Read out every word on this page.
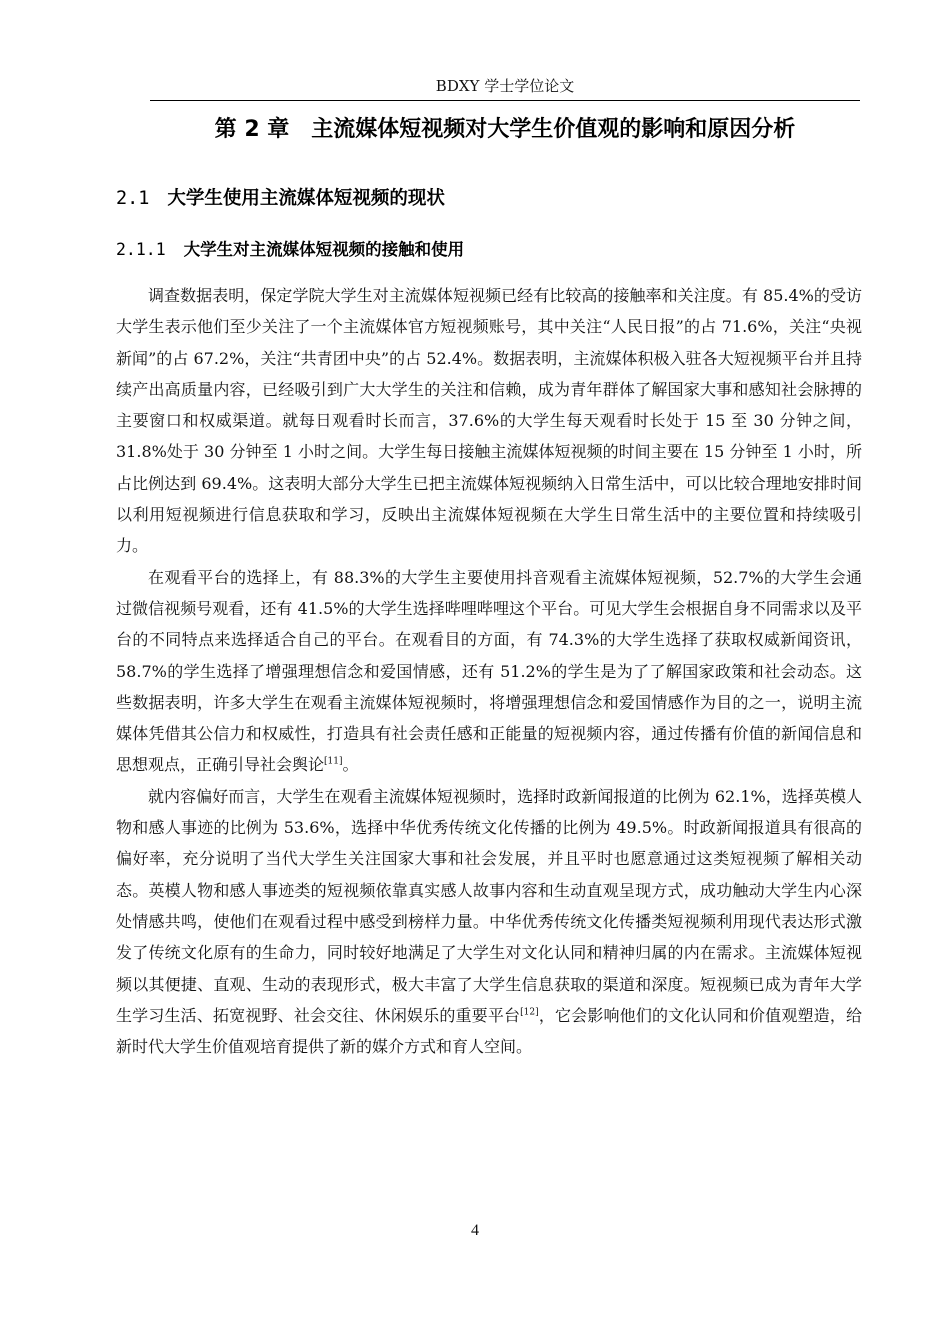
BDXY 学士学位论文
第 2 章　主流媒体短视频对大学生价值观的影响和原因分析
2.1 大学生使用主流媒体短视频的现状
2.1.1 大学生对主流媒体短视频的接触和使用

调查数据表明，保定学院大学生对主流媒体短视频已经有比较高的接触率和关注度。有 85.4%的受访大学生表示他们至少关注了一个主流媒体官方短视频账号，其中关注“人民日报”的占 71.6%，关注“央视新闻”的占 67.2%，关注“共青团中央”的占 52.4%。数据表明，主流媒体积极入驻各大短视频平台并且持续产出高质量内容，已经吸引到广大大学生的关注和信赖，成为青年群体了解国家大事和感知社会脉搏的主要窗口和权威渠道。就每日观看时长而言，37.6%的大学生每天观看时长处于 15 至 30 分钟之间，31.8%处于 30 分钟至 1 小时之间。大学生每日接触主流媒体短视频的时间主要在 15 分钟至 1 小时，所占比例达到 69.4%。这表明大部分大学生已把主流媒体短视频纳入日常生活中，可以比较合理地安排时间以利用短视频进行信息获取和学习，反映出主流媒体短视频在大学生日常生活中的主要位置和持续吸引力。

在观看平台的选择上，有 88.3%的大学生主要使用抖音观看主流媒体短视频，52.7%的大学生会通过微信视频号观看，还有 41.5%的大学生选择哔哩哔哩这个平台。可见大学生会根据自身不同需求以及平台的不同特点来选择适合自己的平台。在观看目的方面，有 74.3%的大学生选择了获取权威新闻资讯，58.7%的学生选择了增强理想信念和爱国情感，还有 51.2%的学生是为了了解国家政策和社会动态。这些数据表明，许多大学生在观看主流媒体短视频时，将增强理想信念和爱国情感作为目的之一，说明主流媒体凭借其公信力和权威性，打造具有社会责任感和正能量的短视频内容，通过传播有价值的新闻信息和思想观点，正确引导社会舆论[11]。

就内容偏好而言，大学生在观看主流媒体短视频时，选择时政新闻报道的比例为 62.1%，选择英模人物和感人事迹的比例为 53.6%，选择中华优秀传统文化传播的比例为 49.5%。时政新闻报道具有很高的偏好率，充分说明了当代大学生关注国家大事和社会发展，并且平时也愿意通过这类短视频了解相关动态。英模人物和感人事迹类的短视频依靠真实感人故事内容和生动直观呈现方式，成功触动大学生内心深处情感共鸣，使他们在观看过程中感受到榜样力量。中华优秀传统文化传播类短视频利用现代表达形式激发了传统文化原有的生命力，同时较好地满足了大学生对文化认同和精神归属的内在需求。主流媒体短视频以其便捷、直观、生动的表现形式，极大丰富了大学生信息获取的渠道和深度。短视频已成为青年大学生学习生活、拓宽视野、社会交往、休闲娱乐的重要平台[12]，它会影响他们的文化认同和价值观塑造，给新时代大学生价值观培育提供了新的媒介方式和育人空间。

4
